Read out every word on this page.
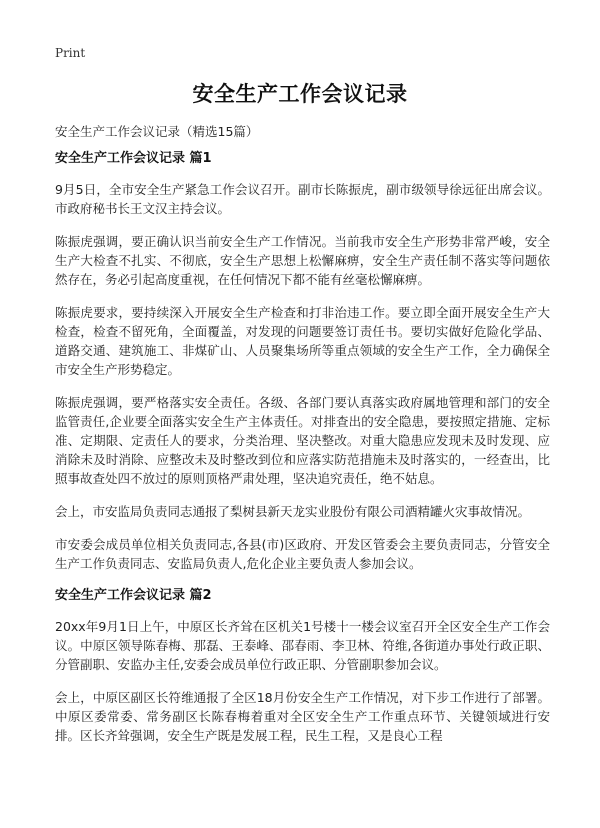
Print
安全生产工作会议记录

安全生产工作会议记录（精选15篇）

安全生产工作会议记录 篇1

9月5日，全市安全生产紧急工作会议召开。副市长陈振虎，副市级领导徐远征出席会议。市政府秘书长王文汉主持会议。

陈振虎强调，要正确认识当前安全生产工作情况。当前我市安全生产形势非常严峻，安全生产大检查不扎实、不彻底，安全生产思想上松懈麻痹，安全生产责任制不落实等问题依然存在，务必引起高度重视，在任何情况下都不能有丝毫松懈麻痹。

陈振虎要求，要持续深入开展安全生产检查和打非治违工作。要立即全面开展安全生产大检查，检查不留死角，全面覆盖，对发现的问题要签订责任书。要切实做好危险化学品、道路交通、建筑施工、非煤矿山、人员聚集场所等重点领域的安全生产工作，全力确保全市安全生产形势稳定。

陈振虎强调，要严格落实安全责任。各级、各部门要认真落实政府属地管理和部门的安全监管责任,企业要全面落实安全生产主体责任。对排查出的安全隐患，要按照定措施、定标准、定期限、定责任人的要求，分类治理、坚决整改。对重大隐患应发现未及时发现、应消除未及时消除、应整改未及时整改到位和应落实防范措施未及时落实的，一经查出，比照事故查处四不放过的原则顶格严肃处理，坚决追究责任，绝不姑息。

会上，市安监局负责同志通报了梨树县新天龙实业股份有限公司酒精罐火灾事故情况。

市安委会成员单位相关负责同志,各县(市)区政府、开发区管委会主要负责同志，分管安全生产工作负责同志、安监局负责人,危化企业主要负责人参加会议。

安全生产工作会议记录 篇2

20xx年9月1日上午，中原区长齐耸在区机关1号楼十一楼会议室召开全区安全生产工作会议。中原区领导陈春梅、那磊、王泰峰、邵春雨、李卫林、符维,各街道办事处行政正职、分管副职、安监办主任,安委会成员单位行政正职、分管副职参加会议。

会上，中原区副区长符维通报了全区18月份安全生产工作情况，对下步工作进行了部署。中原区委常委、常务副区长陈春梅着重对全区安全生产工作重点环节、关键领域进行安排。区长齐耸强调，安全生产既是发展工程，民生工程，又是良心工程
